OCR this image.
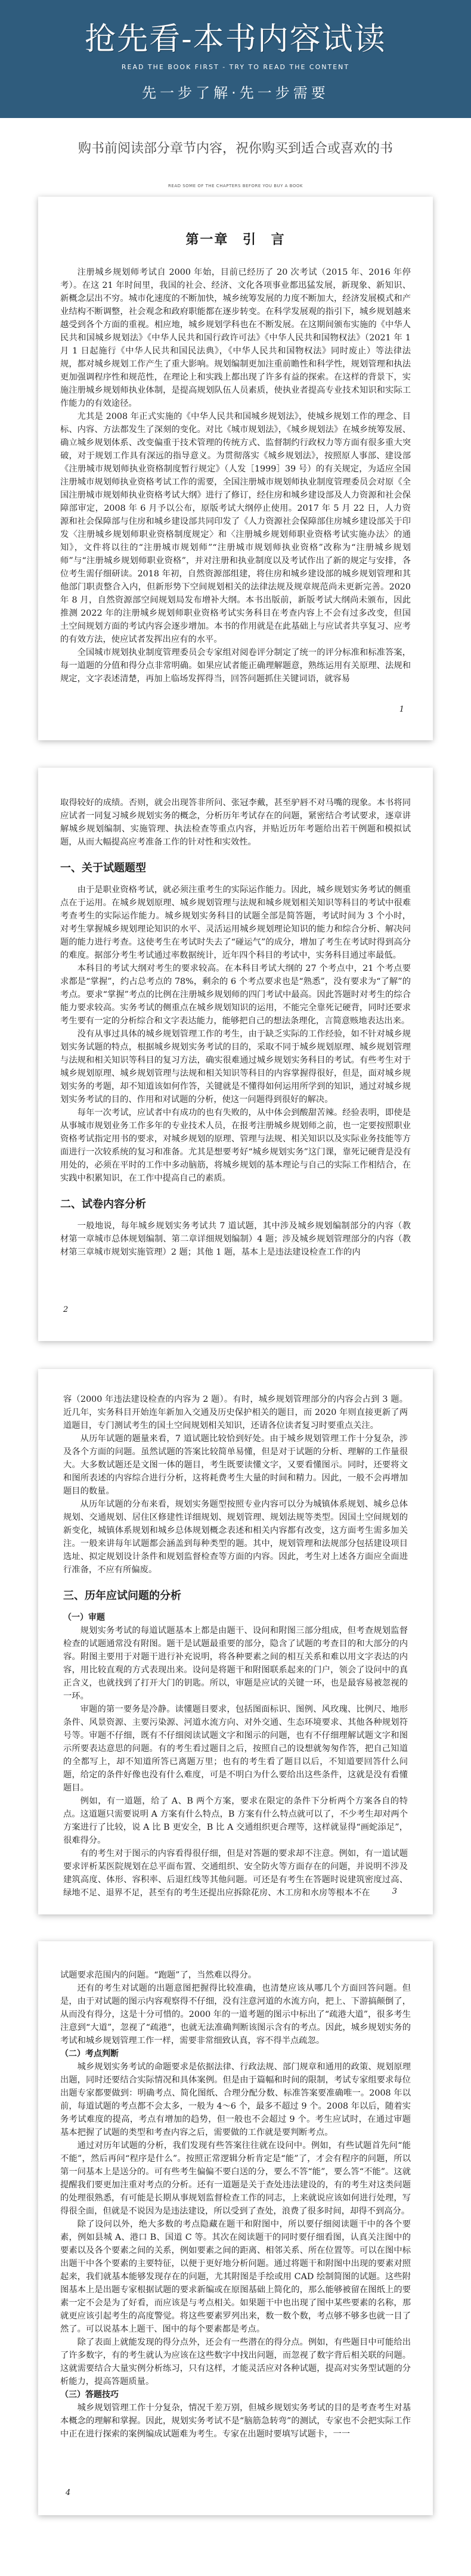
抢先看-本书内容试读
READ THE BOOK FIRST - TRY TO READ THE CONTENT
先一步了解·先一步需要
购书前阅读部分章节内容，祝你购买到适合或喜欢的书
READ SOME OF THE CHAPTERS BEFORE YOU BUY A BOOK
第一章 引 言

注册城乡规划师考试自 2000 年始，目前已经历了 20 次考试（2015 年、2016 年停考）。在这 21 年时间里，我国的社会、经济、文化各项事业都迅猛发展，新现象、新知识、新概念层出不穷。城市化速度的不断加快，城乡统筹发展的力度不断加大，经济发展模式和产业结构不断调整，社会观念和政府职能都在逐步转变。在科学发展观的指引下，城乡规划越来越受到各个方面的重视。相应地，城乡规划学科也在不断发展。在这期间颁布实施的《中华人民共和国城乡规划法》《中华人民共和国行政许可法》《中华人民共和国物权法》（2021 年 1 月 1 日起施行《中华人民共和国民法典》，《中华人民共和国物权法》同时废止）等法律法规，都对城乡规划工作产生了重大影响。规划编制更加注重前瞻性和科学性，规划管理和执法更加强调程序性和规范性，在理论上和实践上都出现了许多有益的探索。在这样的背景下，实施注册城乡规划师执业体制，是提高规划队伍人员素质，使执业者提高专业技术知识和实际工作能力的有效途径。

尤其是 2008 年正式实施的《中华人民共和国城乡规划法》，使城乡规划工作的理念、目标、内容、方法都发生了深刻的变化。对比《城市规划法》，《城乡规划法》在城乡统筹发展、确立城乡规划体系、改变偏重于技术管理的传统方式、监督制约行政权力等方面有很多重大突破，对于规划工作具有深远的指导意义。为贯彻落实《城乡规划法》，按照原人事部、建设部《注册城市规划师执业资格制度暂行规定》（人发［1999］39 号）的有关规定，为适应全国注册城市规划师执业资格考试工作的需要，全国注册城市规划师执业制度管理委员会对原《全国注册城市规划师执业资格考试大纲》进行了修订，经住房和城乡建设部及人力资源和社会保障部审定，2008 年 6 月予以公布，原版考试大纲停止使用。2017 年 5 月 22 日，人力资源和社会保障部与住房和城乡建设部共同印发了《人力资源社会保障部住房城乡建设部关于印发〈注册城乡规划师职业资格制度规定〉和〈注册城乡规划师职业资格考试实施办法〉的通知》，文件将以往的“注册城市规划师”“注册城市规划师执业资格”改称为“注册城乡规划师”与“注册城乡规划师职业资格”，并对注册和执业制度以及考试作出了新的规定与安排，各位考生需仔细研读。2018 年初，自然资源部组建，将住房和城乡建设部的城乡规划管理和其他部门职责整合入内，但新形势下空间规划相关的法律法规及规章规范尚未更新完善。2020 年 8 月，自然资源部空间规划局发布增补大纲。本书出版前，新版考试大纲尚未颁布，因此推测 2022 年的注册城乡规划师职业资格考试实务科目在考查内容上不会有过多改变，但国土空间规划方面的考试内容会逐步增加。本书的作用就是在此基础上与应试者共享复习、应考的有效方法，使应试者发挥出应有的水平。

全国城市规划执业制度管理委员会专家组对阅卷评分制定了统一的评分标准和标准答案，每一道题的分值和得分点非常明确。如果应试者能正确理解题意，熟练运用有关原理、法规和规定，文字表述清楚，再加上临场发挥得当，回答问题抓住关键词语，就容易

1

取得较好的成绩。否则，就会出现答非所问、张冠李戴，甚至驴唇不对马嘴的现象。本书将同应试者一同复习城乡规划实务的概念，分析历年考试存在的问题，紧密结合考试要求，逐章讲解城乡规划编制、实施管理、执法检查等重点内容，并贴近历年考题给出若干例题和模拟试题，从而大幅提高应考准备工作的针对性和实效性。

一、关于试题题型

由于是职业资格考试，就必须注重考生的实际运作能力。因此，城乡规划实务考试的侧重点在于运用。在城乡规划原理、城乡规划管理与法规和城乡规划相关知识等科目的考试中很难考查考生的实际运作能力。城乡规划实务科目的试题全部是简答题，考试时间为 3 个小时，对考生掌握城乡规划理论知识的水平、灵活运用城乡规划理论知识的能力和综合分析、解决问题的能力进行考查。这使考生在考试时失去了“碰运气”的成分，增加了考生在考试时得到高分的难度。据部分考生考试通过率数据统计，近年四个科目的考试中，实务科目通过率最低。

本科目的考试大纲对考生的要求较高。在本科目考试大纲的 27 个考点中，21 个考点要求都是“掌握”，约占总考点的 78%，剩余的 6 个考点要求也是“熟悉”，没有要求为“了解”的考点。要求“掌握”考点的比例在注册城乡规划师的四门考试中最高。因此答题时对考生的综合能力要求较高。实务考试的侧重点在城乡规划知识的运用，不能完全靠死记硬背，同时还要求考生要有一定的分析综合和文字表达能力，能够把自己的想法条理化，言简意赅地表达出来。

没有从事过具体的城乡规划管理工作的考生，由于缺乏实际的工作经验，如不针对城乡规划实务试题的特点，根据城乡规划实务考试的目的，采取不同于城乡规划原理、城乡规划管理与法规和相关知识等科目的复习方法，确实很难通过城乡规划实务科目的考试。有些考生对于城乡规划原理、城乡规划管理与法规和相关知识等科目的内容掌握得很好，但是，面对城乡规划实务的考题，却不知道该如何作答，关键就是不懂得如何运用所学到的知识，通过对城乡规划实务考试的目的、作用和对试题的分析，使这一问题得到很好的解决。

每年一次考试，应试者中有成功的也有失败的，从中体会到酸甜苦辣。经验表明，即使是从事城市规划业务工作多年的专业技术人员，在报考注册城乡规划师之前，也一定要按照职业资格考试指定用书的要求，对城乡规划的原理、管理与法规、相关知识以及实际业务技能等方面进行一次较系统的复习和准备。尤其是想要考好“城乡规划实务”这门课，靠死记硬背是没有用处的，必须在平时的工作中多动脑筋，将城乡规划的基本理论与自己的实际工作相结合，在实践中积累知识，在工作中提高自己的素质。

二、试卷内容分析

一般地说，每年城乡规划实务考试共 7 道试题，其中涉及城乡规划编制部分的内容（教材第一章城市总体规划编制、第二章详细规划编制）4 题；涉及城乡规划管理部分的内容（教材第三章城市规划实施管理）2 题；其他 1 题，基本上是违法建设检查工作的内

2

容（2000 年违法建设检查的内容为 2 题）。有时，城乡规划管理部分的内容会占到 3 题。近几年，实务科目开始连年新加入交通及历史保护相关的题目，而 2020 年则直接更新了两道题目，专门测试考生的国土空间规划相关知识，还请各位读者复习时要重点关注。

从历年试题的题量来看，7 道试题比较恰到好处。由于城乡规划管理工作十分复杂，涉及各个方面的问题。虽然试题的答案比较简单易懂，但是对于试题的分析、理解的工作量很大。大多数试题还是文图一体的题目，考生既要读懂文字，又要看懂图示。同时，还要将文和图所表述的内容综合进行分析，这将耗费考生大量的时间和精力。因此，一般不会再增加题目的数量。

从历年试题的分布来看，规划实务题型按照专业内容可以分为城镇体系规划、城乡总体规划、交通规划、居住区修建性详细规划、规划管理、规划法规等类型。因国土空间规划的新变化，城镇体系规划和城乡总体规划概念表述和相关内容都有改变，这方面考生需多加关注。一般来讲每年试题都会涵盖到每种类型的题。其中，规划管理和法规部分包括建设项目选址、拟定规划设计条件和规划监督检查等方面的内容。因此，考生对上述各方面应全面进行准备，不应有所偏废。

三、历年应试问题的分析
（一）审题

规划实务考试的每道试题基本上都是由题干、设问和附图三部分组成，但考查规划监督检查的试题通常没有附图。题干是试题最重要的部分，隐含了试题的考查目的和大部分的内容。附图主要用于对题干进行补充说明，将各种要素之间的相互关系和难以用文字表达的内容，用比较直观的方式表现出来。设问是将题干和附图联系起来的门户，领会了设问中的真正含义，也就找到了打开大门的钥匙。所以，审题是应试的关键一环，也是最容易被忽视的一环。

审题的第一要务是冷静。读懂题目要求，包括图面标识、图例、风玫瑰、比例尺、地形条件、风景资源、主要污染源、河道水流方向、对外交通、生态环境要求、其他各种规划符号等。审题不仔细，既有不仔细阅读试题文字和图示的问题，也有不仔细理解试题文字和图示所要表达意思的问题。有的考生看过题目之后，按照自己的设想就匆匆作答，把自己知道的全都写上，却不知道所答已离题万里；也有的考生看了题目以后，不知道要回答什么问题，给定的条件好像也没有什么难度，可是不明白为什么要给出这些条件，这就是没有看懂题目。

例如，有一道题，给了 A、B 两个方案，要求在限定的条件下分析两个方案各自的特点。这道题只需要说明 A 方案有什么特点，B 方案有什么特点就可以了，不少考生却对两个方案进行了比较，说 A 比 B 更安全，B 比 A 交通组织更合理等，这样就显得“画蛇添足”，很难得分。

有的考生对于图示的内容看得很仔细，但是对答题的要求却不注意。例如，有一道试题要求评析某医院规划在总平面布置、交通组织、安全防火等方面存在的问题，并说明不涉及建筑高度、体形、容积率、后退红线等其他问题。可还是有考生在答题时说建筑密度过高、绿地不足、退界不足，甚至有的考生还提出应拆除花房、木工房和水房等根本不在	3

试题要求范围内的问题。“跑题”了，当然难以得分。

还有的考生对试题的出题意图把握得比较准确，也清楚应该从哪几个方面回答问题。但是，由于对试题的图示内容观察得不仔细，没有注意河道的水流方向，把上、下游搞颠倒了，从而没有得分，这是十分可惜的。2000 年的一道考题的图示中标出了“疏港大道”，很多考生注意到“大道”，忽视了“疏港”，也就无法准确判断该图示含有的考点。因此，城乡规划实务的考试和城乡规划管理工作一样，需要非常细致认真，容不得半点疏忽。

（二）考点判断

城乡规划实务考试的命题要求是依据法律、行政法规、部门规章和通用的政策、规划原理出题，同时还要结合实际情况和具体案例。但是由于篇幅和时间的限制，考试专家组要求每位出题专家都要做到：明确考点、简化图纸、合理分配分数、标准答案要准确唯一。2008 年以前，每道试题的考点都不会太多，一般为 4～6 个，最多不超过 9 个。2008 年以后，随着实务考试难度的提高，考点有增加的趋势，但一般也不会超过 9 个。考生应试时，在通过审题基本把握了试题的类型和考查内容之后，需要做的工作就是要判断考点。

通过对历年试题的分析，我们发现有些答案往往就在设问中。例如，有些试题首先问“能不能”，然后再问“程序是什么”。按照正常逻辑分析肯定是“能”了，才会有程序的问题，所以第一问基本上是送分的。可有些考生偏偏不要白送的分，要么不答“能”，要么答“不能”。这就提醒我们要更加注重对考点的分析。还有一道题是关于查处违法建设的，有的考生对这类问题的处理很熟悉，有可能是长期从事规划监督检查工作的同志，上来就说应该如何进行处理，写得很全面，但就是不说因为是违法建设，所以受到了查处，浪费了很多时间，却得不到高分。

除了设问以外，绝大多数的考点隐藏在题干和附图中，所以要仔细阅读题干中的各个要素，例如县城 A、港口 B、国道 C 等。其次在阅读题干的同时要仔细看图，认真关注图中的要素以及各个要素之间的关系，例如要素之间的距离、相邻关系、所在位置等。可以在图中标出题干中各个要素的主要特征，以便于更好地分析问题。通过将题干和附图中出现的要素对照起来，我们就基本能够发现存在的问题，尤其附图是手绘或用 CAD 绘制简图的试题。这些附图基本上是出题专家根据试题的要求新编或在原图基础上简化的，那么能够被留在图纸上的要素一定不会是为了好看，而应该是与考点相关。如果题干中也出现了图中某些要素的名称，那就更应该引起考生的高度警觉。将这些要素罗列出来，数一数个数，考点够不够多也就一目了然了。可以说基本上题干、图中的每个要素都是考点。

除了表面上就能发现的得分点外，还会有一些潜在的得分点。例如，有些题目中可能给出了许多数字，有的考生就认为应该在这些数字中找出问题，而忽视了数字背后相关联的问题。这就需要结合大量实例分析练习，只有这样，才能灵活应对各种试题，提高对实务型试题的分析能力，提高答题质量。

（三）答题技巧

城乡规划管理工作十分复杂，情况千差万别，但城乡规划实务考试的目的是考查考生对基本概念的理解和掌握。因此，规划实务考试不是“脑筋急转弯”的测试，专家也不会把实际工作中正在进行探索的案例编成试题难为考生。专家在出题时要填写试题卡，一一

4
